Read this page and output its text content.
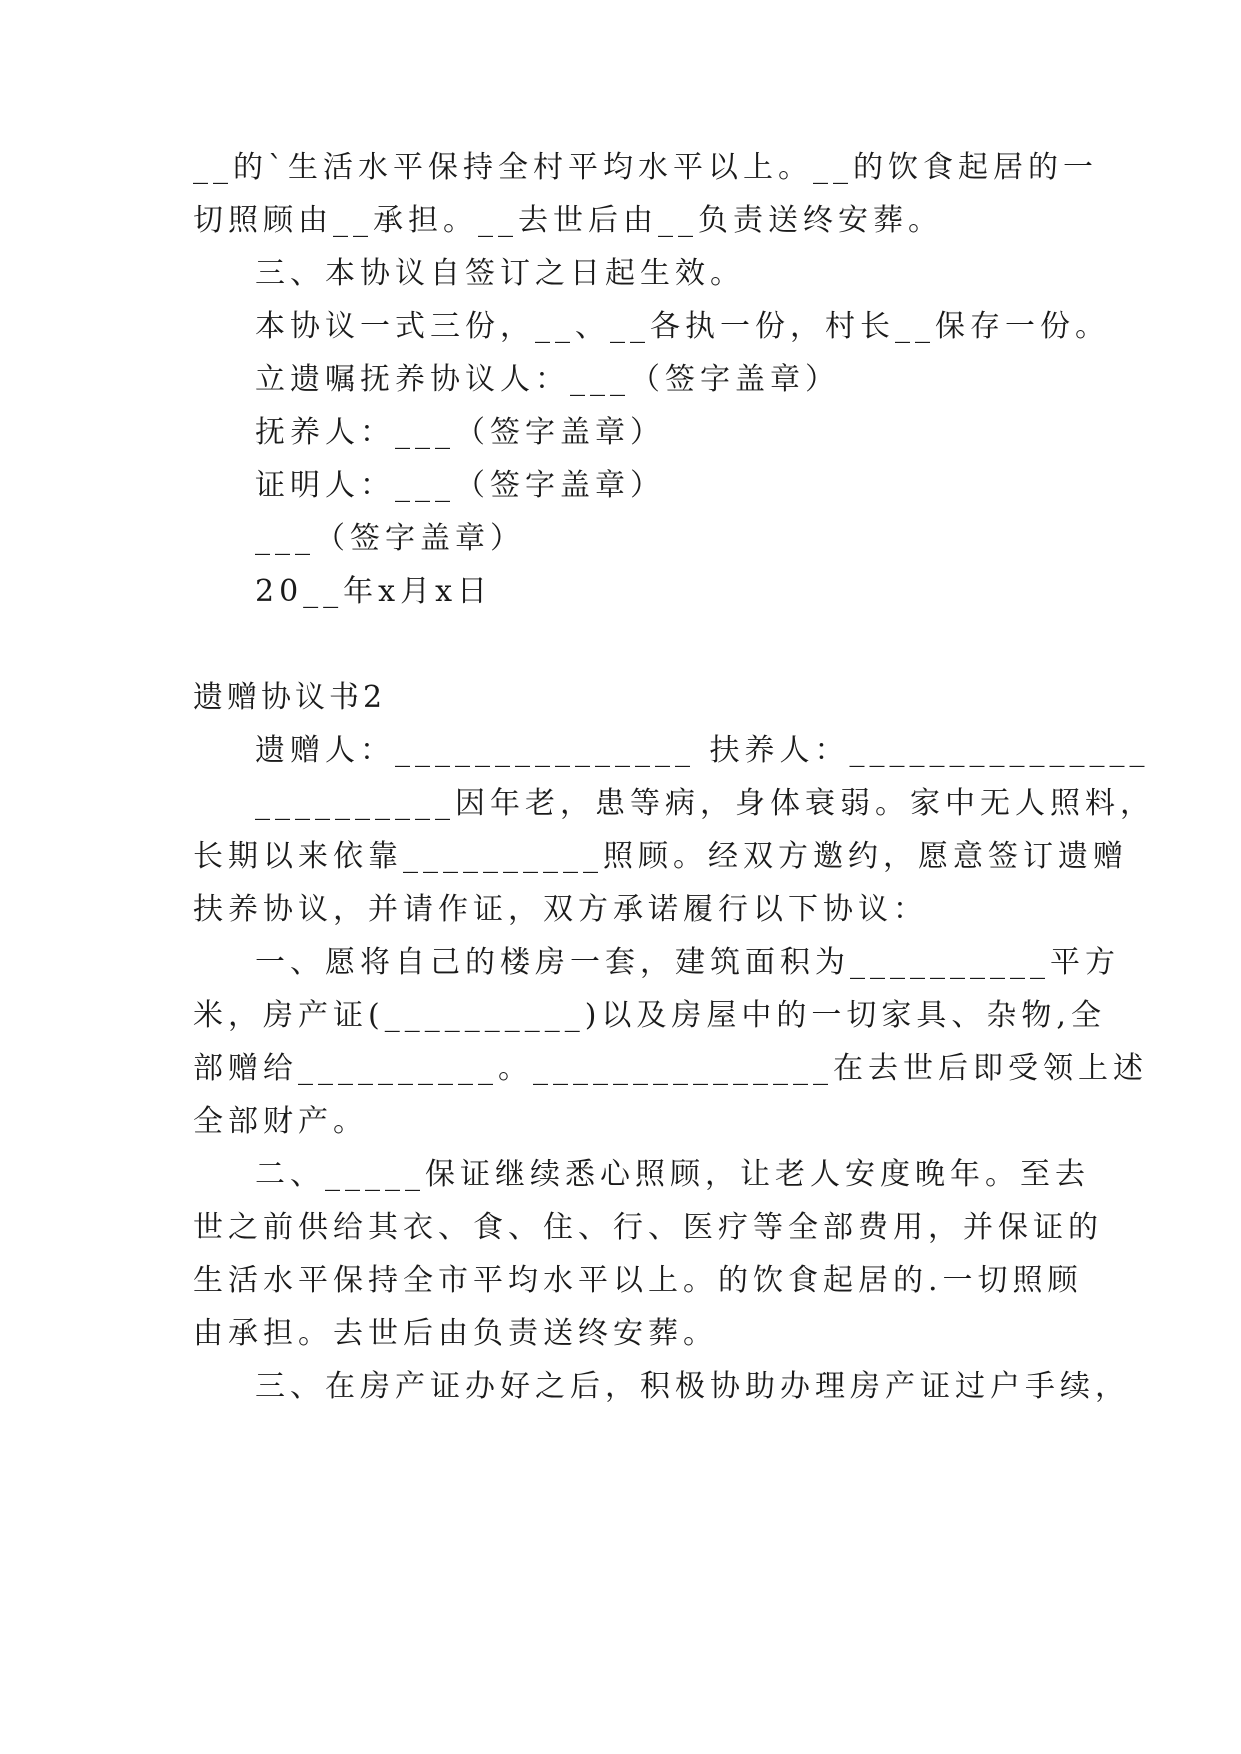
__的`生活水平保持全村平均水平以上。__的饮食起居的一
切照顾由__承担。__去世后由__负责送终安葬。
三、本协议自签订之日起生效。
本协议一式三份，__、__各执一份，村长__保存一份。
立遗嘱抚养协议人：___（签字盖章）
抚养人：___（签字盖章）
证明人：___（签字盖章）
___（签字盖章）
20__年x月x日
遗赠协议书2
遗赠人：_______________ 扶养人：_______________
__________因年老，患等病，身体衰弱。家中无人照料，
长期以来依靠__________照顾。经双方邀约，愿意签订遗赠
扶养协议，并请作证，双方承诺履行以下协议：
一、愿将自己的楼房一套，建筑面积为__________平方
米，房产证(__________)以及房屋中的一切家具、杂物,全
部赠给__________。_______________在去世后即受领上述
全部财产。
二、_____保证继续悉心照顾，让老人安度晚年。至去
世之前供给其衣、食、住、行、医疗等全部费用，并保证的
生活水平保持全市平均水平以上。的饮食起居的.一切照顾
由承担。去世后由负责送终安葬。
三、在房产证办好之后，积极协助办理房产证过户手续，
